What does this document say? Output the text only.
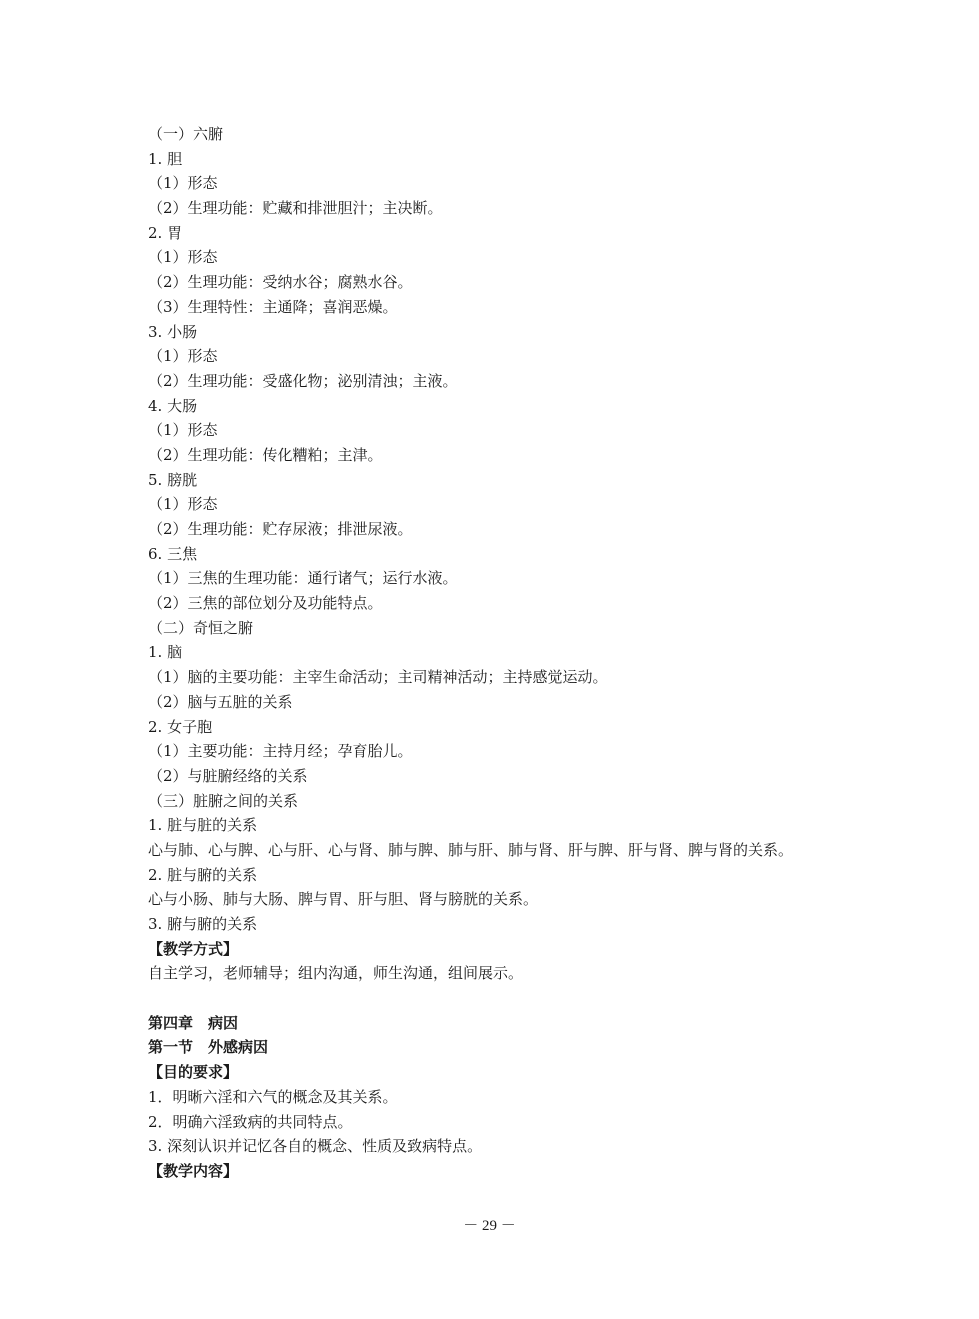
（一）六腑
1. 胆
（1）形态
（2）生理功能：贮藏和排泄胆汁；主决断。
2. 胃
（1）形态
（2）生理功能：受纳水谷；腐熟水谷。
（3）生理特性：主通降；喜润恶燥。
3. 小肠
（1）形态
（2）生理功能：受盛化物；泌别清浊；主液。
4. 大肠
（1）形态
（2）生理功能：传化糟粕；主津。
5. 膀胱
（1）形态
（2）生理功能：贮存尿液；排泄尿液。
6. 三焦
（1）三焦的生理功能：通行诸气；运行水液。
（2）三焦的部位划分及功能特点。
（二）奇恒之腑
1. 脑
（1）脑的主要功能：主宰生命活动；主司精神活动；主持感觉运动。
（2）脑与五脏的关系
2. 女子胞
（1）主要功能：主持月经；孕育胎儿。
（2）与脏腑经络的关系
（三）脏腑之间的关系
1. 脏与脏的关系
心与肺、心与脾、心与肝、心与肾、肺与脾、肺与肝、肺与肾、肝与脾、肝与肾、脾与肾的关系。
2. 脏与腑的关系
心与小肠、肺与大肠、脾与胃、肝与胆、肾与膀胱的关系。
3. 腑与腑的关系
【教学方式】
自主学习，老师辅导；组内沟通，师生沟通，组间展示。
第四章　病因
第一节　外感病因
【目的要求】
1．明晰六淫和六气的概念及其关系。
2．明确六淫致病的共同特点。
3. 深刻认识并记忆各自的概念、性质及致病特点。
【教学内容】
－ 29 －
